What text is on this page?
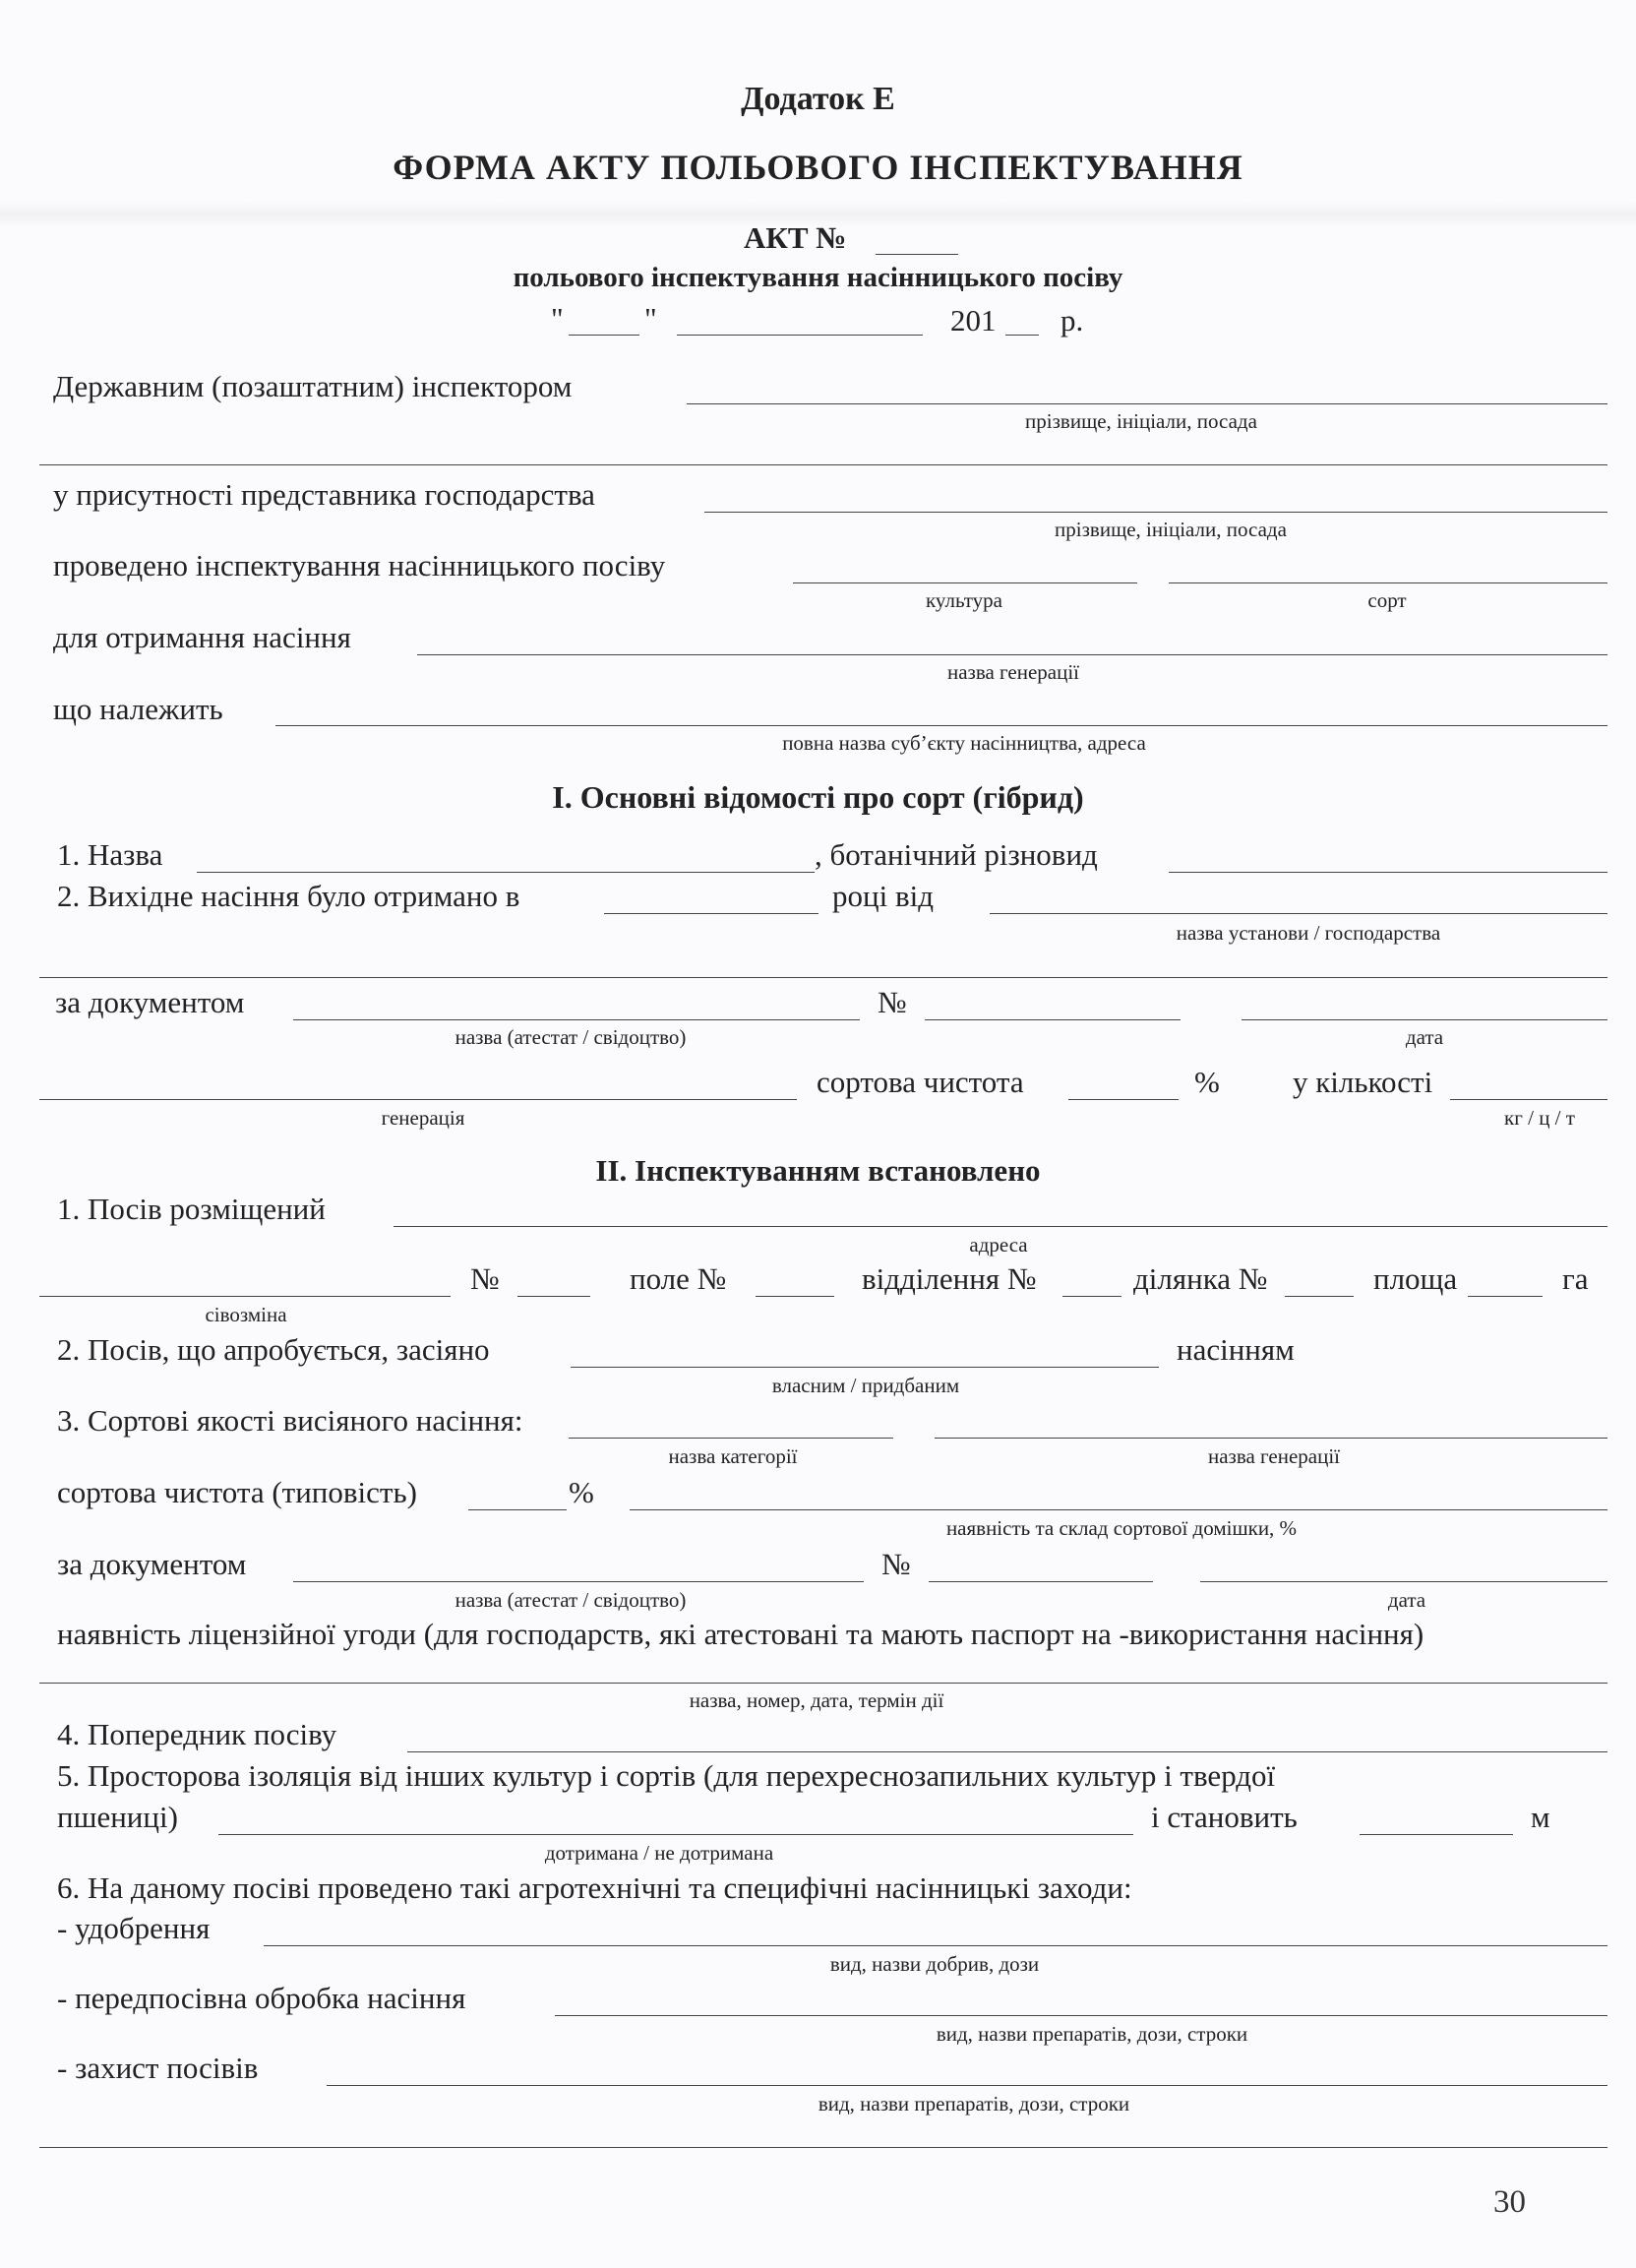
Додаток Е
ФОРМА АКТУ ПОЛЬОВОГО ІНСПЕКТУВАННЯ
АКТ №
польового інспектування насінницького посіву
"	"	201 р.
Державним (позаштатним) інспектором
прізвище, ініціали, посада
у присутності представника господарства
прізвище, ініціали, посада
проведено інспектування насінницького посіву
культура	сорт
для отримання насіння
назва генерації
що належить
повна назва суб’єкту насінництва, адреса
I. Основні відомості про сорт (гібрид)
1. Назва	, ботанічний різновид
2. Вихідне насіння було отримано в	році від
назва установи / господарства
за документом	№
назва (атестат / свідоцтво)	дата
сортова чистота	% у кількості
генерація	кг / ц / т
II. Інспектуванням встановлено
1. Посів розміщений
адреса
№	поле №	відділення №	ділянка №	площа	га
сівозміна
2. Посів, що апробується, засіяно	насінням
власним / придбаним
3. Сортові якості висіяного насіння:
назва категорії	назва генерації
сортова чистота (типовість)	%
наявність та склад сортової домішки, %
за документом	№
назва (атестат / свідоцтво)	дата
наявність ліцензійної угоди (для господарств, які атестовані та мають паспорт на -використання насіння)
назва, номер, дата, термін дії
4. Попередник посіву
5. Просторова ізоляція від інших культур і сортів (для перехреснозапильних культур і твердої
пшениці)	і становить	м
дотримана / не дотримана
6. На даному посіві проведено такі агротехнічні та специфічні насінницькі заходи:
- удобрення
вид, назви добрив, дози
- передпосівна обробка насіння
вид, назви препаратів, дози, строки
- захист посівів
вид, назви препаратів, дози, строки
30
